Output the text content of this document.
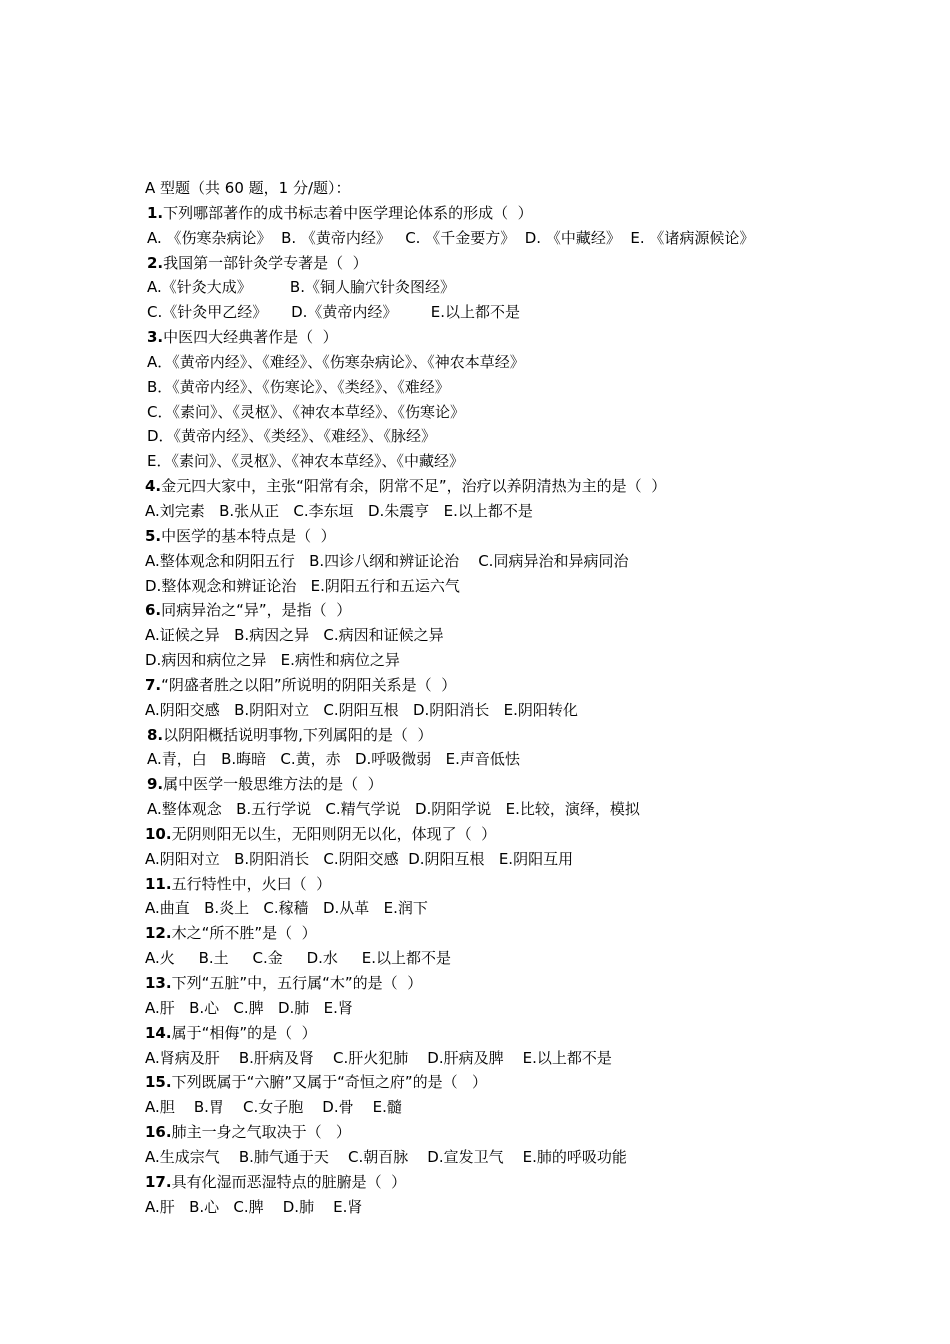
A 型题（共 60 题，1 分/题）：
1.下列哪部著作的成书标志着中医学理论体系的形成（  ）
A. 《伤寒杂病论》  B. 《黄帝内经》   C. 《千金要方》  D. 《中藏经》  E. 《诸病源候论》
2.我国第一部针灸学专著是（  ）
A.《针灸大成》        B.《铜人腧穴针灸图经》
C.《针灸甲乙经》     D.《黄帝内经》       E.以上都不是
3.中医四大经典著作是（  ）
A．《黄帝内经》、《难经》、《伤寒杂病论》、《神农本草经》
B．《黄帝内经》、《伤寒论》、《类经》、《难经》
C．《素问》、《灵枢》、《神农本草经》、《伤寒论》
D．《黄帝内经》、《类经》、《难经》、《脉经》
E．《素问》、《灵枢》、《神农本草经》、《中藏经》
4.金元四大家中，主张“阳常有余，阴常不足”，治疗以养阴清热为主的是（  ）
A.刘完素   B.张从正   C.李东垣   D.朱震亨   E.以上都不是
5.中医学的基本特点是（  ）
A.整体观念和阴阳五行   B.四诊八纲和辨证论治    C.同病异治和异病同治
D.整体观念和辨证论治   E.阴阳五行和五运六气
6.同病异治之“异”，是指（  ）
A.证候之异   B.病因之异   C.病因和证候之异
D.病因和病位之异   E.病性和病位之异
7.“阴盛者胜之以阳”所说明的阴阳关系是（  ）
A.阴阳交感   B.阴阳对立   C.阴阳互根   D.阴阳消长   E.阴阳转化
8.以阴阳概括说明事物,下列属阳的是（  ）
A.青，白   B.晦暗   C.黄，赤   D.呼吸微弱   E.声音低怯
9.属中医学一般思维方法的是（  ）
A.整体观念   B.五行学说   C.精气学说   D.阴阳学说   E.比较，演绎，模拟
10.无阴则阳无以生，无阳则阴无以化，体现了（  ）
A.阴阳对立   B.阴阳消长   C.阴阳交感  D.阴阳互根   E.阴阳互用
11.五行特性中，火曰（  ）
A.曲直   B.炎上   C.稼穑   D.从革   E.润下
12.木之“所不胜”是（  ）
A.火     B.土     C.金     D.水     E.以上都不是
13.下列“五脏”中，五行属“木”的是（  ）
A.肝   B.心   C.脾   D.肺   E.肾
14.属于“相侮”的是（  ）
A.肾病及肝    B.肝病及肾    C.肝火犯肺    D.肝病及脾    E.以上都不是
15.下列既属于“六腑”又属于“奇恒之府”的是（   ）
A.胆    B.胃    C.女子胞    D.骨    E.髓
16.肺主一身之气取决于（   ）
A.生成宗气    B.肺气通于天    C.朝百脉    D.宣发卫气    E.肺的呼吸功能
17.具有化湿而恶湿特点的脏腑是（  ）
A.肝   B.心   C.脾    D.肺    E.肾
